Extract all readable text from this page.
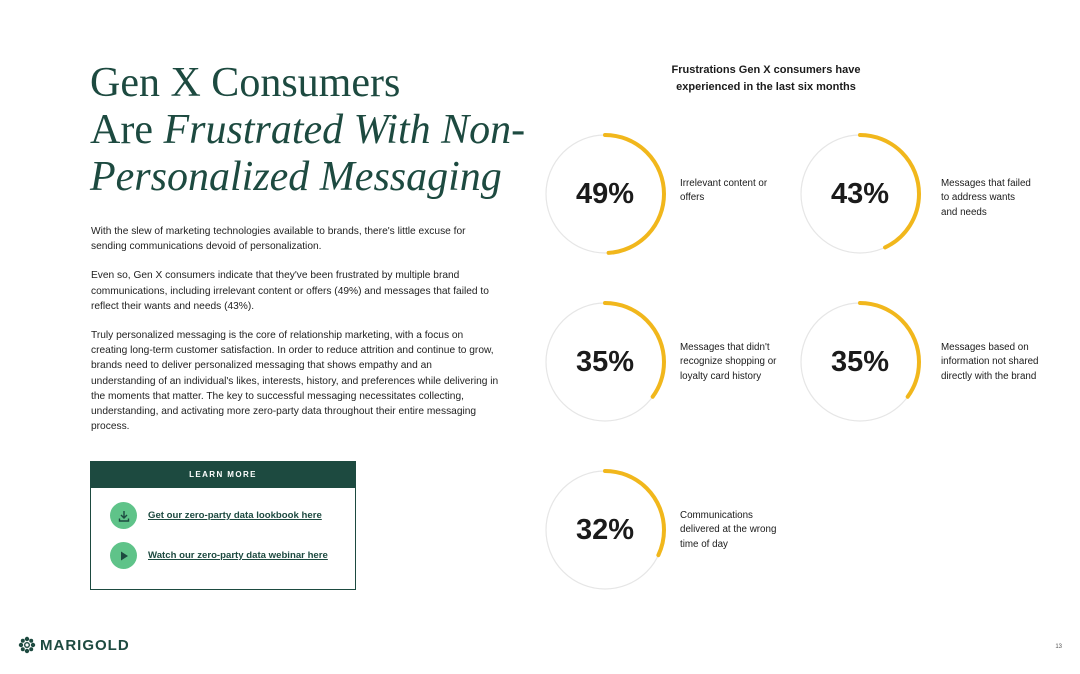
Gen X Consumers
Are Frustrated With Non-
Personalized Messaging

With the slew of marketing technologies available to brands, there's little excuse for sending communications devoid of personalization.

Even so, Gen X consumers indicate that they've been frustrated by multiple brand communications, including irrelevant content or offers (49%) and messages that failed to reflect their wants and needs (43%).

Truly personalized messaging is the core of relationship marketing, with a focus on creating long-term customer satisfaction. In order to reduce attrition and continue to grow, brands need to deliver personalized messaging that shows empathy and an understanding of an individual's likes, interests, history, and preferences while delivering in the moments that matter. The key to successful messaging necessitates collecting, understanding, and activating more zero-party data throughout their entire messaging process.

LEARN MORE
Get our zero-party data lookbook here
Watch our zero-party data webinar here
Frustrations Gen X consumers have experienced in the last six months
49%	Irrelevant content or offers	43%	Messages that failed to address wants and needs
35%	Messages that didn't recognize shopping or loyalty card history	35%	Messages based on information not shared directly with the brand
32%	Communications delivered at the wrong time of day
MARIGOLD	13
